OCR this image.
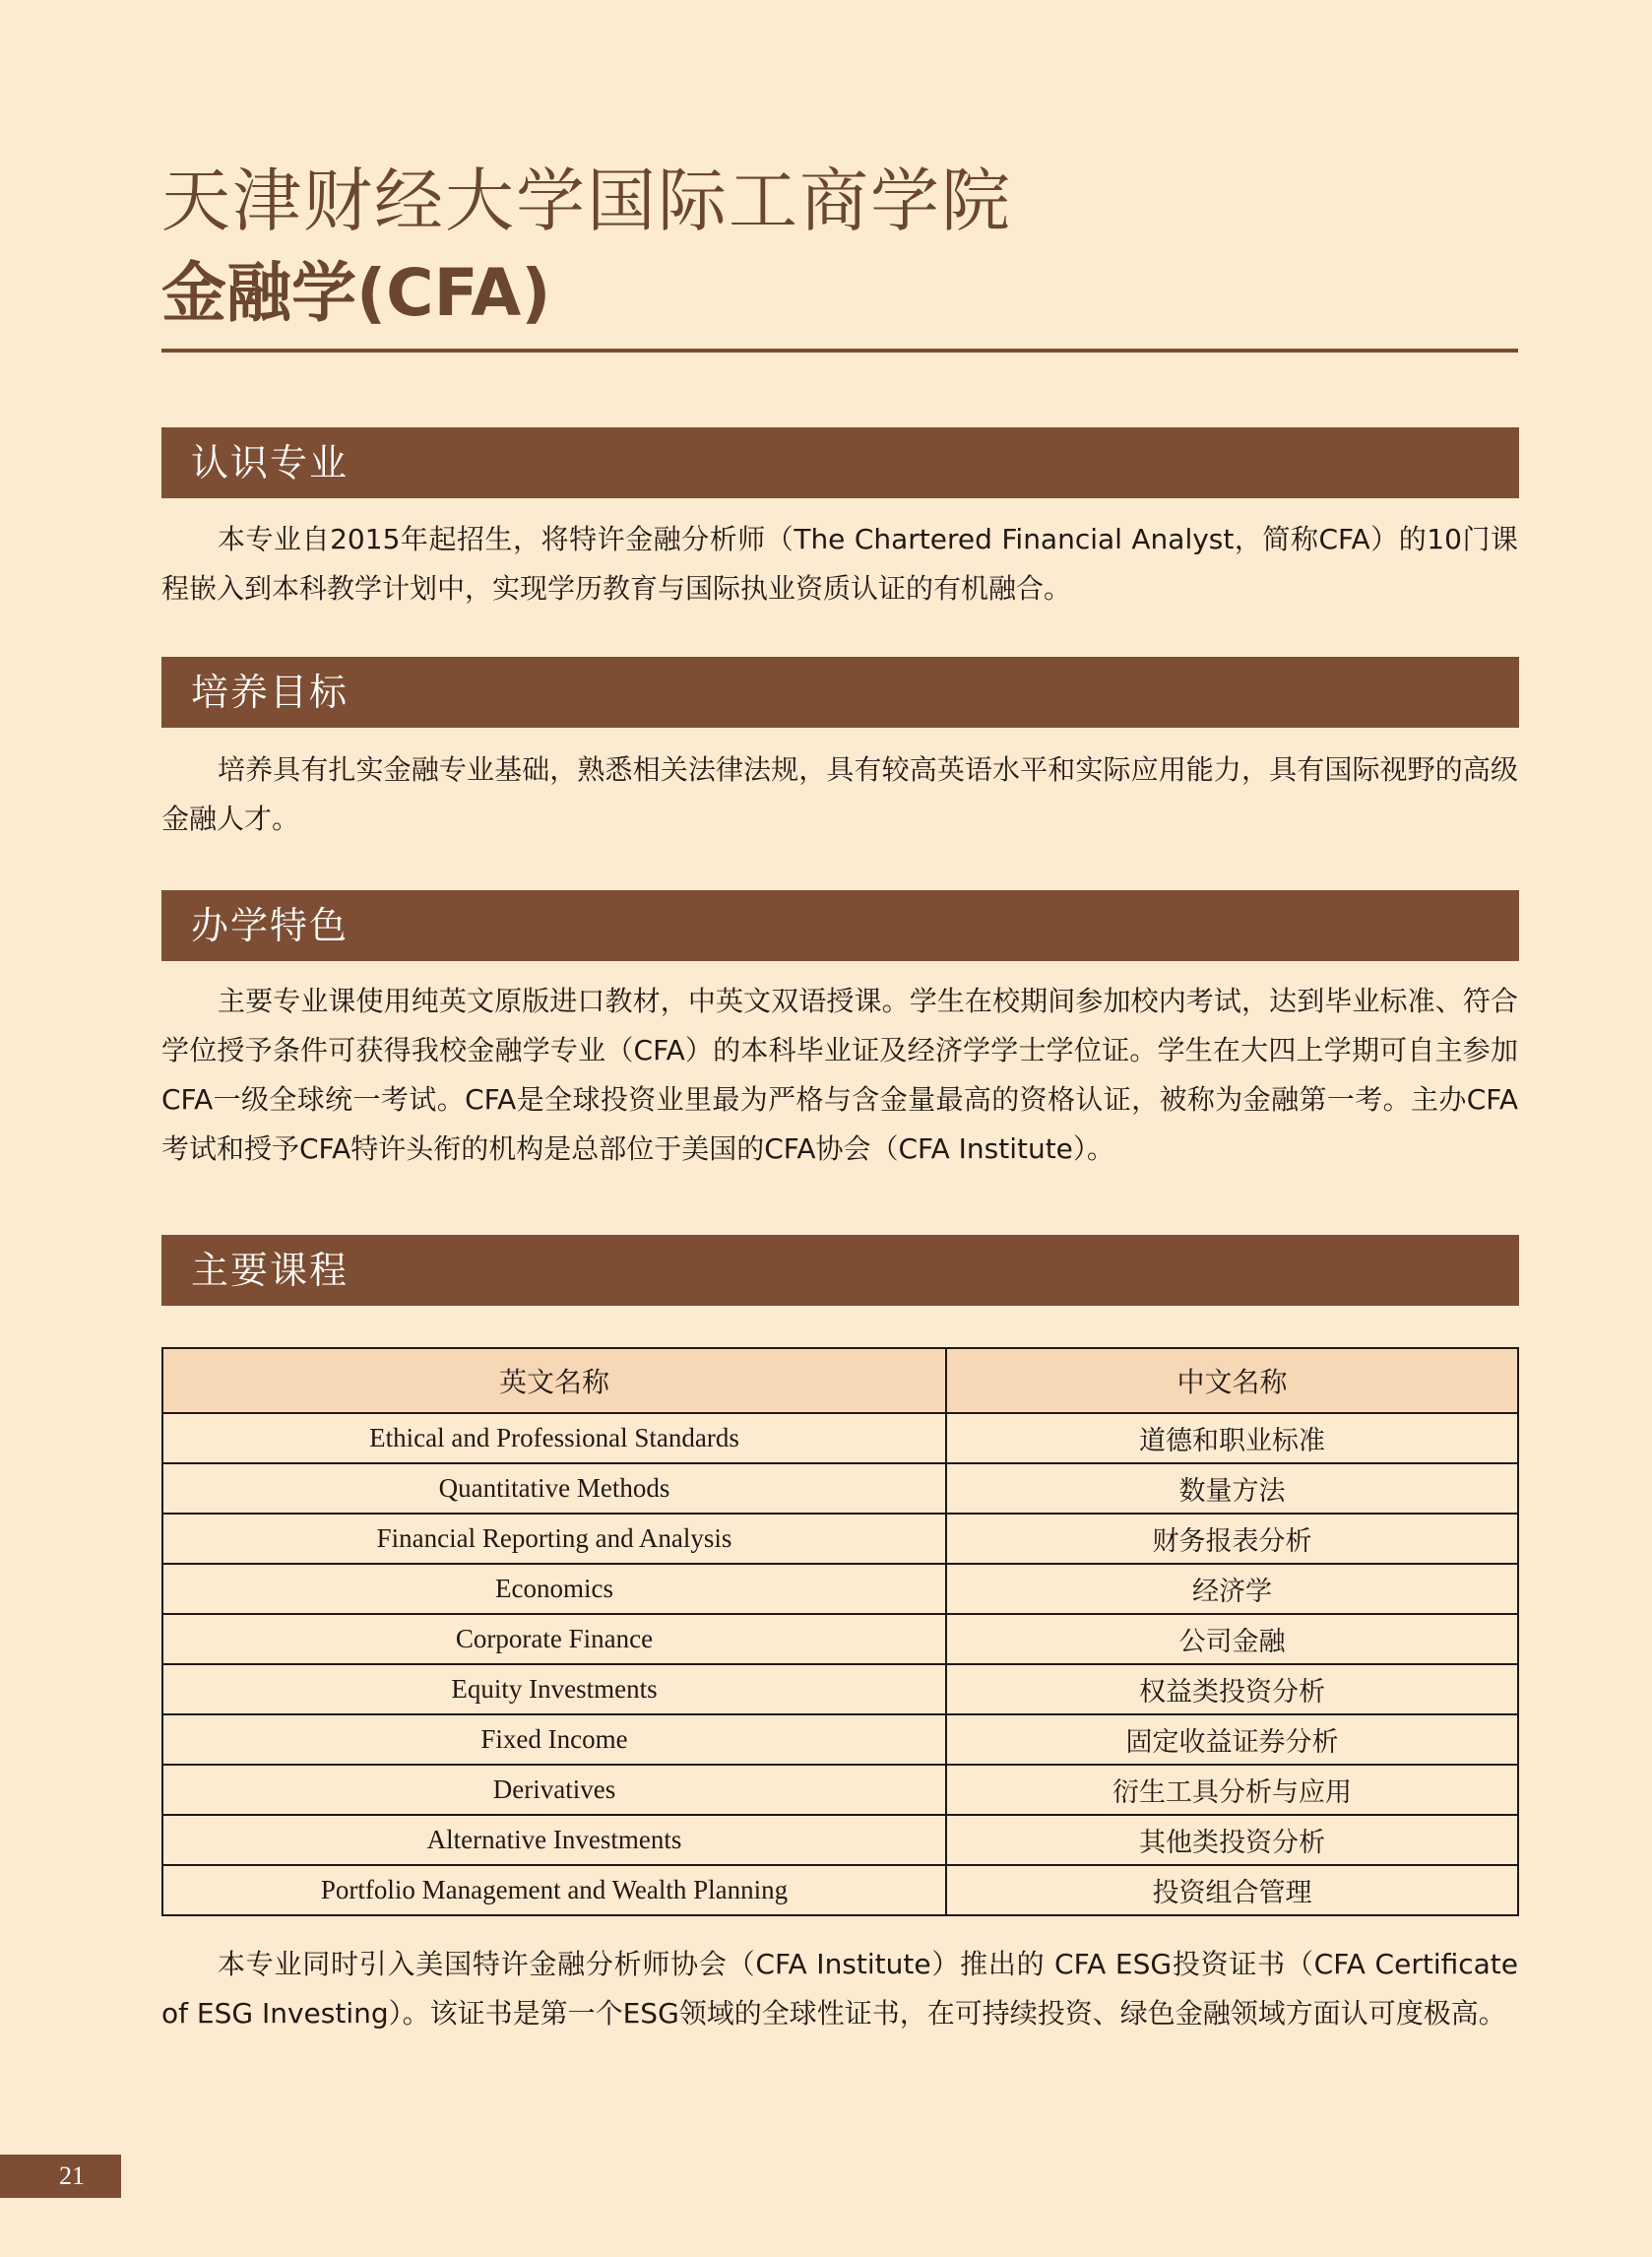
天津财经大学国际工商学院
金融学(CFA)
认识专业

本专业自2015年起招生，将特许金融分析师（The Chartered Financial Analyst，简称CFA）的10门课程嵌入到本科教学计划中，实现学历教育与国际执业资质认证的有机融合。

培养目标

培养具有扎实金融专业基础，熟悉相关法律法规，具有较高英语水平和实际应用能力，具有国际视野的高级金融人才。

办学特色

主要专业课使用纯英文原版进口教材，中英文双语授课。学生在校期间参加校内考试，达到毕业标准、符合学位授予条件可获得我校金融学专业（CFA）的本科毕业证及经济学学士学位证。学生在大四上学期可自主参加CFA一级全球统一考试。CFA是全球投资业里最为严格与含金量最高的资格认证，被称为金融第一考。主办CFA考试和授予CFA特许头衔的机构是总部位于美国的CFA协会（CFA Institute）。

主要课程
英文名称	中文名称
Ethical and Professional Standards	道德和职业标准
Quantitative Methods	数量方法
Financial Reporting and Analysis	财务报表分析
Economics	经济学
Corporate Finance	公司金融
Equity Investments	权益类投资分析
Fixed Income	固定收益证券分析
Derivatives	衍生工具分析与应用
Alternative Investments	其他类投资分析
Portfolio Management and Wealth Planning	投资组合管理

本专业同时引入美国特许金融分析师协会（CFA Institute）推出的 CFA ESG投资证书（CFA Certificate of ESG Investing）。该证书是第一个ESG领域的全球性证书，在可持续投资、绿色金融领域方面认可度极高。

21
